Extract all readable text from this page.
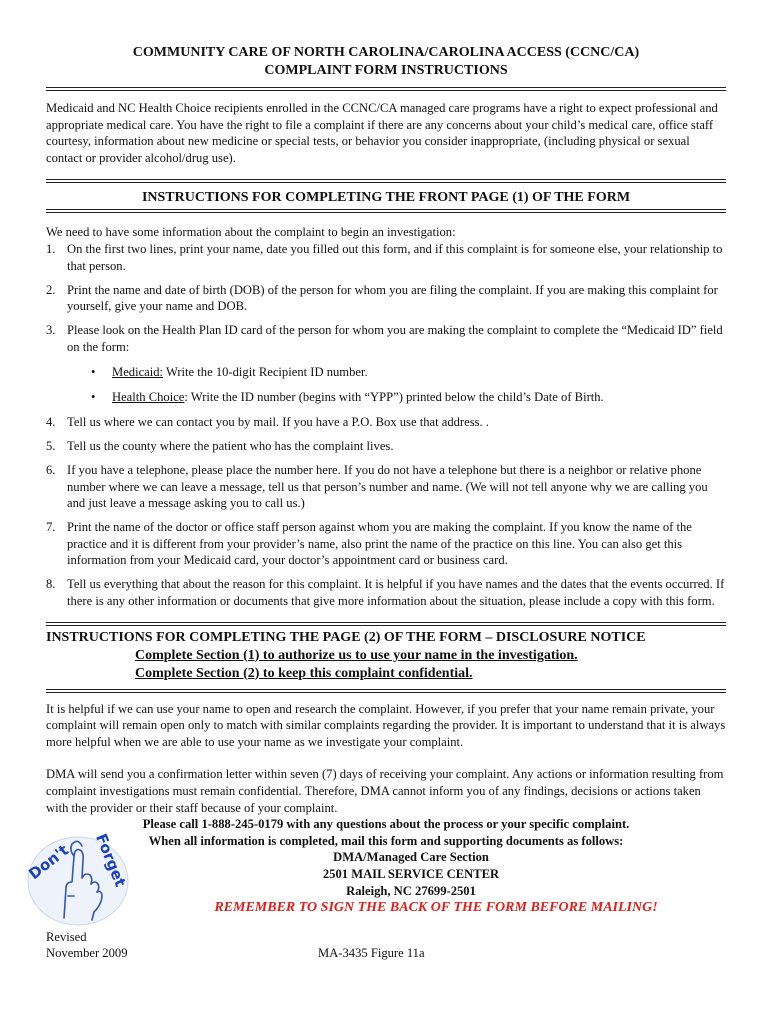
COMMUNITY CARE OF NORTH CAROLINA/CAROLINA ACCESS (CCNC/CA)
COMPLAINT FORM INSTRUCTIONS

Medicaid and NC Health Choice recipients enrolled in the CCNC/CA managed care programs have a right to expect professional and appropriate medical care. You have the right to file a complaint if there are any concerns about your child’s medical care, office staff courtesy, information about new medicine or special tests, or behavior you consider inappropriate, (including physical or sexual contact or provider alcohol/drug use).

INSTRUCTIONS FOR COMPLETING THE FRONT PAGE (1) OF THE FORM

We need to have some information about the complaint to begin an investigation:

1. On the first two lines, print your name, date you filled out this form, and if this complaint is for someone else, your relationship to that person.
2. Print the name and date of birth (DOB) of the person for whom you are filing the complaint. If you are making this complaint for yourself, give your name and DOB.
3. Please look on the Health Plan ID card of the person for whom you are making the complaint to complete the “Medicaid ID” field on the form:
• Medicaid: Write the 10-digit Recipient ID number.
• Health Choice: Write the ID number (begins with “YPP”) printed below the child’s Date of Birth.
4. Tell us where we can contact you by mail. If you have a P.O. Box use that address. .
5. Tell us the county where the patient who has the complaint lives.
6. If you have a telephone, please place the number here. If you do not have a telephone but there is a neighbor or relative phone number where we can leave a message, tell us that person’s number and name. (We will not tell anyone why we are calling you and just leave a message asking you to call us.)
7. Print the name of the doctor or office staff person against whom you are making the complaint. If you know the name of the practice and it is different from your provider’s name, also print the name of the practice on this line. You can also get this information from your Medicaid card, your doctor’s appointment card or business card.
8. Tell us everything that about the reason for this complaint. It is helpful if you have names and the dates that the events occurred. If there is any other information or documents that give more information about the situation, please include a copy with this form.
INSTRUCTIONS FOR COMPLETING THE PAGE (2) OF THE FORM – DISCLOSURE NOTICE
Complete Section (1) to authorize us to use your name in the investigation.
Complete Section (2) to keep this complaint confidential.

It is helpful if we can use your name to open and research the complaint. However, if you prefer that your name remain private, your complaint will remain open only to match with similar complaints regarding the provider. It is important to understand that it is always more helpful when we are able to use your name as we investigate your complaint.

DMA will send you a confirmation letter within seven (7) days of receiving your complaint. Any actions or information resulting from complaint investigations must remain confidential. Therefore, DMA cannot inform you of any findings, decisions or actions taken with the provider or their staff because of your complaint.

Please call 1-888-245-0179 with any questions about the process or your specific complaint.
When all information is completed, mail this form and supporting documents as follows:
DMA/Managed Care Section
2501 MAIL SERVICE CENTER
Raleigh, NC 27699-2501
REMEMBER TO SIGN THE BACK OF THE FORM BEFORE MAILING!
Don't Forget
Revised
November 2009	MA-3435 Figure 11a
